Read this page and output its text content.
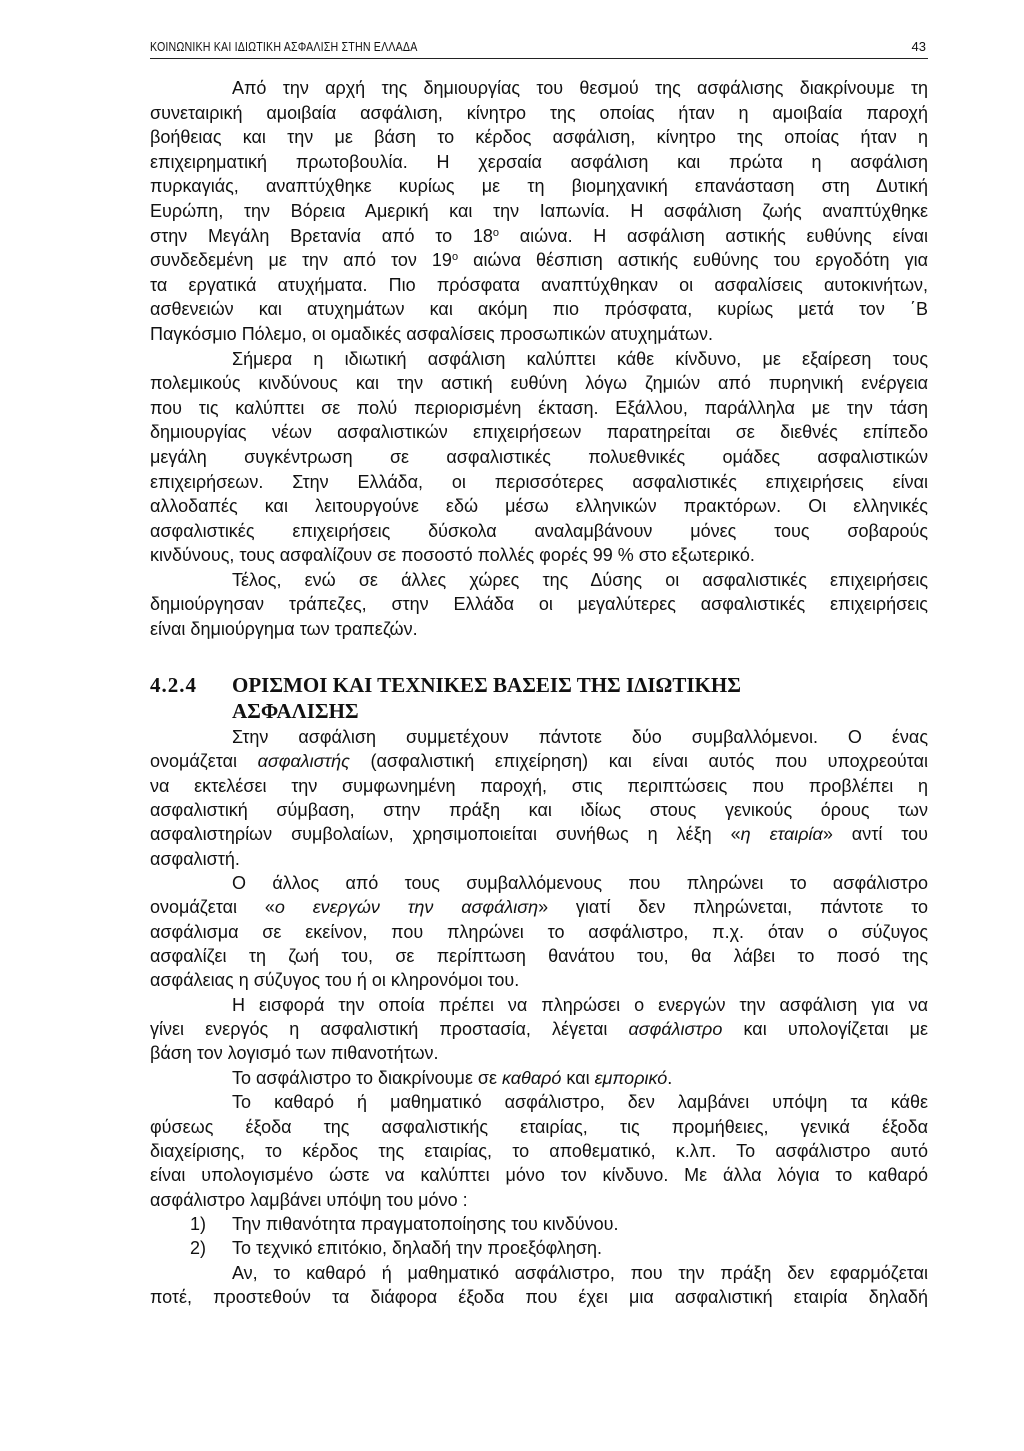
ΚΟΙΝΩΝΙΚΗ ΚΑΙ ΙΔΙΩΤΙΚΗ ΑΣΦΑΛΙΣΗ ΣΤΗΝ ΕΛΛΑΔΑ	43
Από την αρχή της δημιουργίας του θεσμού της ασφάλισης διακρίνουμε τη
συνεταιρική αμοιβαία ασφάλιση, κίνητρο της οποίας ήταν η αμοιβαία παροχή
βοήθειας και την με βάση το κέρδος ασφάλιση, κίνητρο της οποίας ήταν η
επιχειρηματική πρωτοβουλία. Η χερσαία ασφάλιση και πρώτα η ασφάλιση
πυρκαγιάς, αναπτύχθηκε κυρίως με τη βιομηχανική επανάσταση στη Δυτική
Ευρώπη, την Βόρεια Αμερική και την Ιαπωνία. Η ασφάλιση ζωής αναπτύχθηκε
στην Μεγάλη Βρετανία από το $18^o$ αιώνα. Η ασφάλιση αστικής ευθύνης είναι
συνδεδεμένη με την από τον $19^o$ αιώνα θέσπιση αστικής ευθύνης του εργοδότη για
τα εργατικά ατυχήματα. Πιο πρόσφατα αναπτύχθηκαν οι ασφαλίσεις αυτοκινήτων,
ασθενειών και ατυχημάτων και ακόμη πιο πρόσφατα, κυρίως μετά τον ΄Β
Παγκόσμιο Πόλεμο, οι ομαδικές ασφαλίσεις προσωπικών ατυχημάτων.
Σήμερα η ιδιωτική ασφάλιση καλύπτει κάθε κίνδυνο, με εξαίρεση τους
πολεμικούς κινδύνους και την αστική ευθύνη λόγω ζημιών από πυρηνική ενέργεια
που τις καλύπτει σε πολύ περιορισμένη έκταση. Εξάλλου, παράλληλα με την τάση
δημιουργίας νέων ασφαλιστικών επιχειρήσεων παρατηρείται σε διεθνές επίπεδο
μεγάλη συγκέντρωση σε ασφαλιστικές πολυεθνικές ομάδες ασφαλιστικών
επιχειρήσεων. Στην Ελλάδα, οι περισσότερες ασφαλιστικές επιχειρήσεις είναι
αλλοδαπές και λειτουργούνε εδώ μέσω ελληνικών πρακτόρων. Οι ελληνικές
ασφαλιστικές επιχειρήσεις δύσκολα αναλαμβάνουν μόνες τους σοβαρούς
κινδύνους, τους ασφαλίζουν σε ποσοστό πολλές φορές 99 % στο εξωτερικό.
Τέλος, ενώ σε άλλες χώρες της Δύσης οι ασφαλιστικές επιχειρήσεις
δημιούργησαν τράπεζες, στην Ελλάδα οι μεγαλύτερες ασφαλιστικές επιχειρήσεις
είναι δημιούργημα των τραπεζών.
4.2.4 ΟΡΙΣΜΟΙ ΚΑΙ ΤΕΧΝΙΚΕΣ ΒΑΣΕΙΣ ΤΗΣ ΙΔΙΩΤΙΚΗΣ
ΑΣΦΑΛΙΣΗΣ
Στην ασφάλιση συμμετέχουν πάντοτε δύο συμβαλλόμενοι. Ο ένας
ονομάζεται ασφαλιστής (ασφαλιστική επιχείρηση) και είναι αυτός που υποχρεούται
να εκτελέσει την συμφωνημένη παροχή, στις περιπτώσεις που προβλέπει η
ασφαλιστική σύμβαση, στην πράξη και ιδίως στους γενικούς όρους των
ασφαλιστηρίων συμβολαίων, χρησιμοποιείται συνήθως η λέξη «η εταιρία» αντί του
ασφαλιστή.
Ο άλλος από τους συμβαλλόμενους που πληρώνει το ασφάλιστρο
ονομάζεται «ο ενεργών την ασφάλιση» γιατί δεν πληρώνεται, πάντοτε το
ασφάλισμα σε εκείνον, που πληρώνει το ασφάλιστρο, π.χ. όταν ο σύζυγος
ασφαλίζει τη ζωή του, σε περίπτωση θανάτου του, θα λάβει το ποσό της
ασφάλειας η σύζυγος του ή οι κληρονόμοι του.
Η εισφορά την οποία πρέπει να πληρώσει ο ενεργών την ασφάλιση για να
γίνει ενεργός η ασφαλιστική προστασία, λέγεται ασφάλιστρο και υπολογίζεται με
βάση τον λογισμό των πιθανοτήτων.
Το ασφάλιστρο το διακρίνουμε σε καθαρό και εμπορικό.
Το καθαρό ή μαθηματικό ασφάλιστρο, δεν λαμβάνει υπόψη τα κάθε
φύσεως έξοδα της ασφαλιστικής εταιρίας, τις προμήθειες, γενικά έξοδα
διαχείρισης, το κέρδος της εταιρίας, το αποθεματικό, κ.λπ. Το ασφάλιστρο αυτό
είναι υπολογισμένο ώστε να καλύπτει μόνο τον κίνδυνο. Με άλλα λόγια το καθαρό
ασφάλιστρο λαμβάνει υπόψη του μόνο :
1) Την πιθανότητα πραγματοποίησης του κινδύνου.
2) Το τεχνικό επιτόκιο, δηλαδή την προεξόφληση.
Αν, το καθαρό ή μαθηματικό ασφάλιστρο, που την πράξη δεν εφαρμόζεται
ποτέ, προστεθούν τα διάφορα έξοδα που έχει μια ασφαλιστική εταιρία δηλαδή
